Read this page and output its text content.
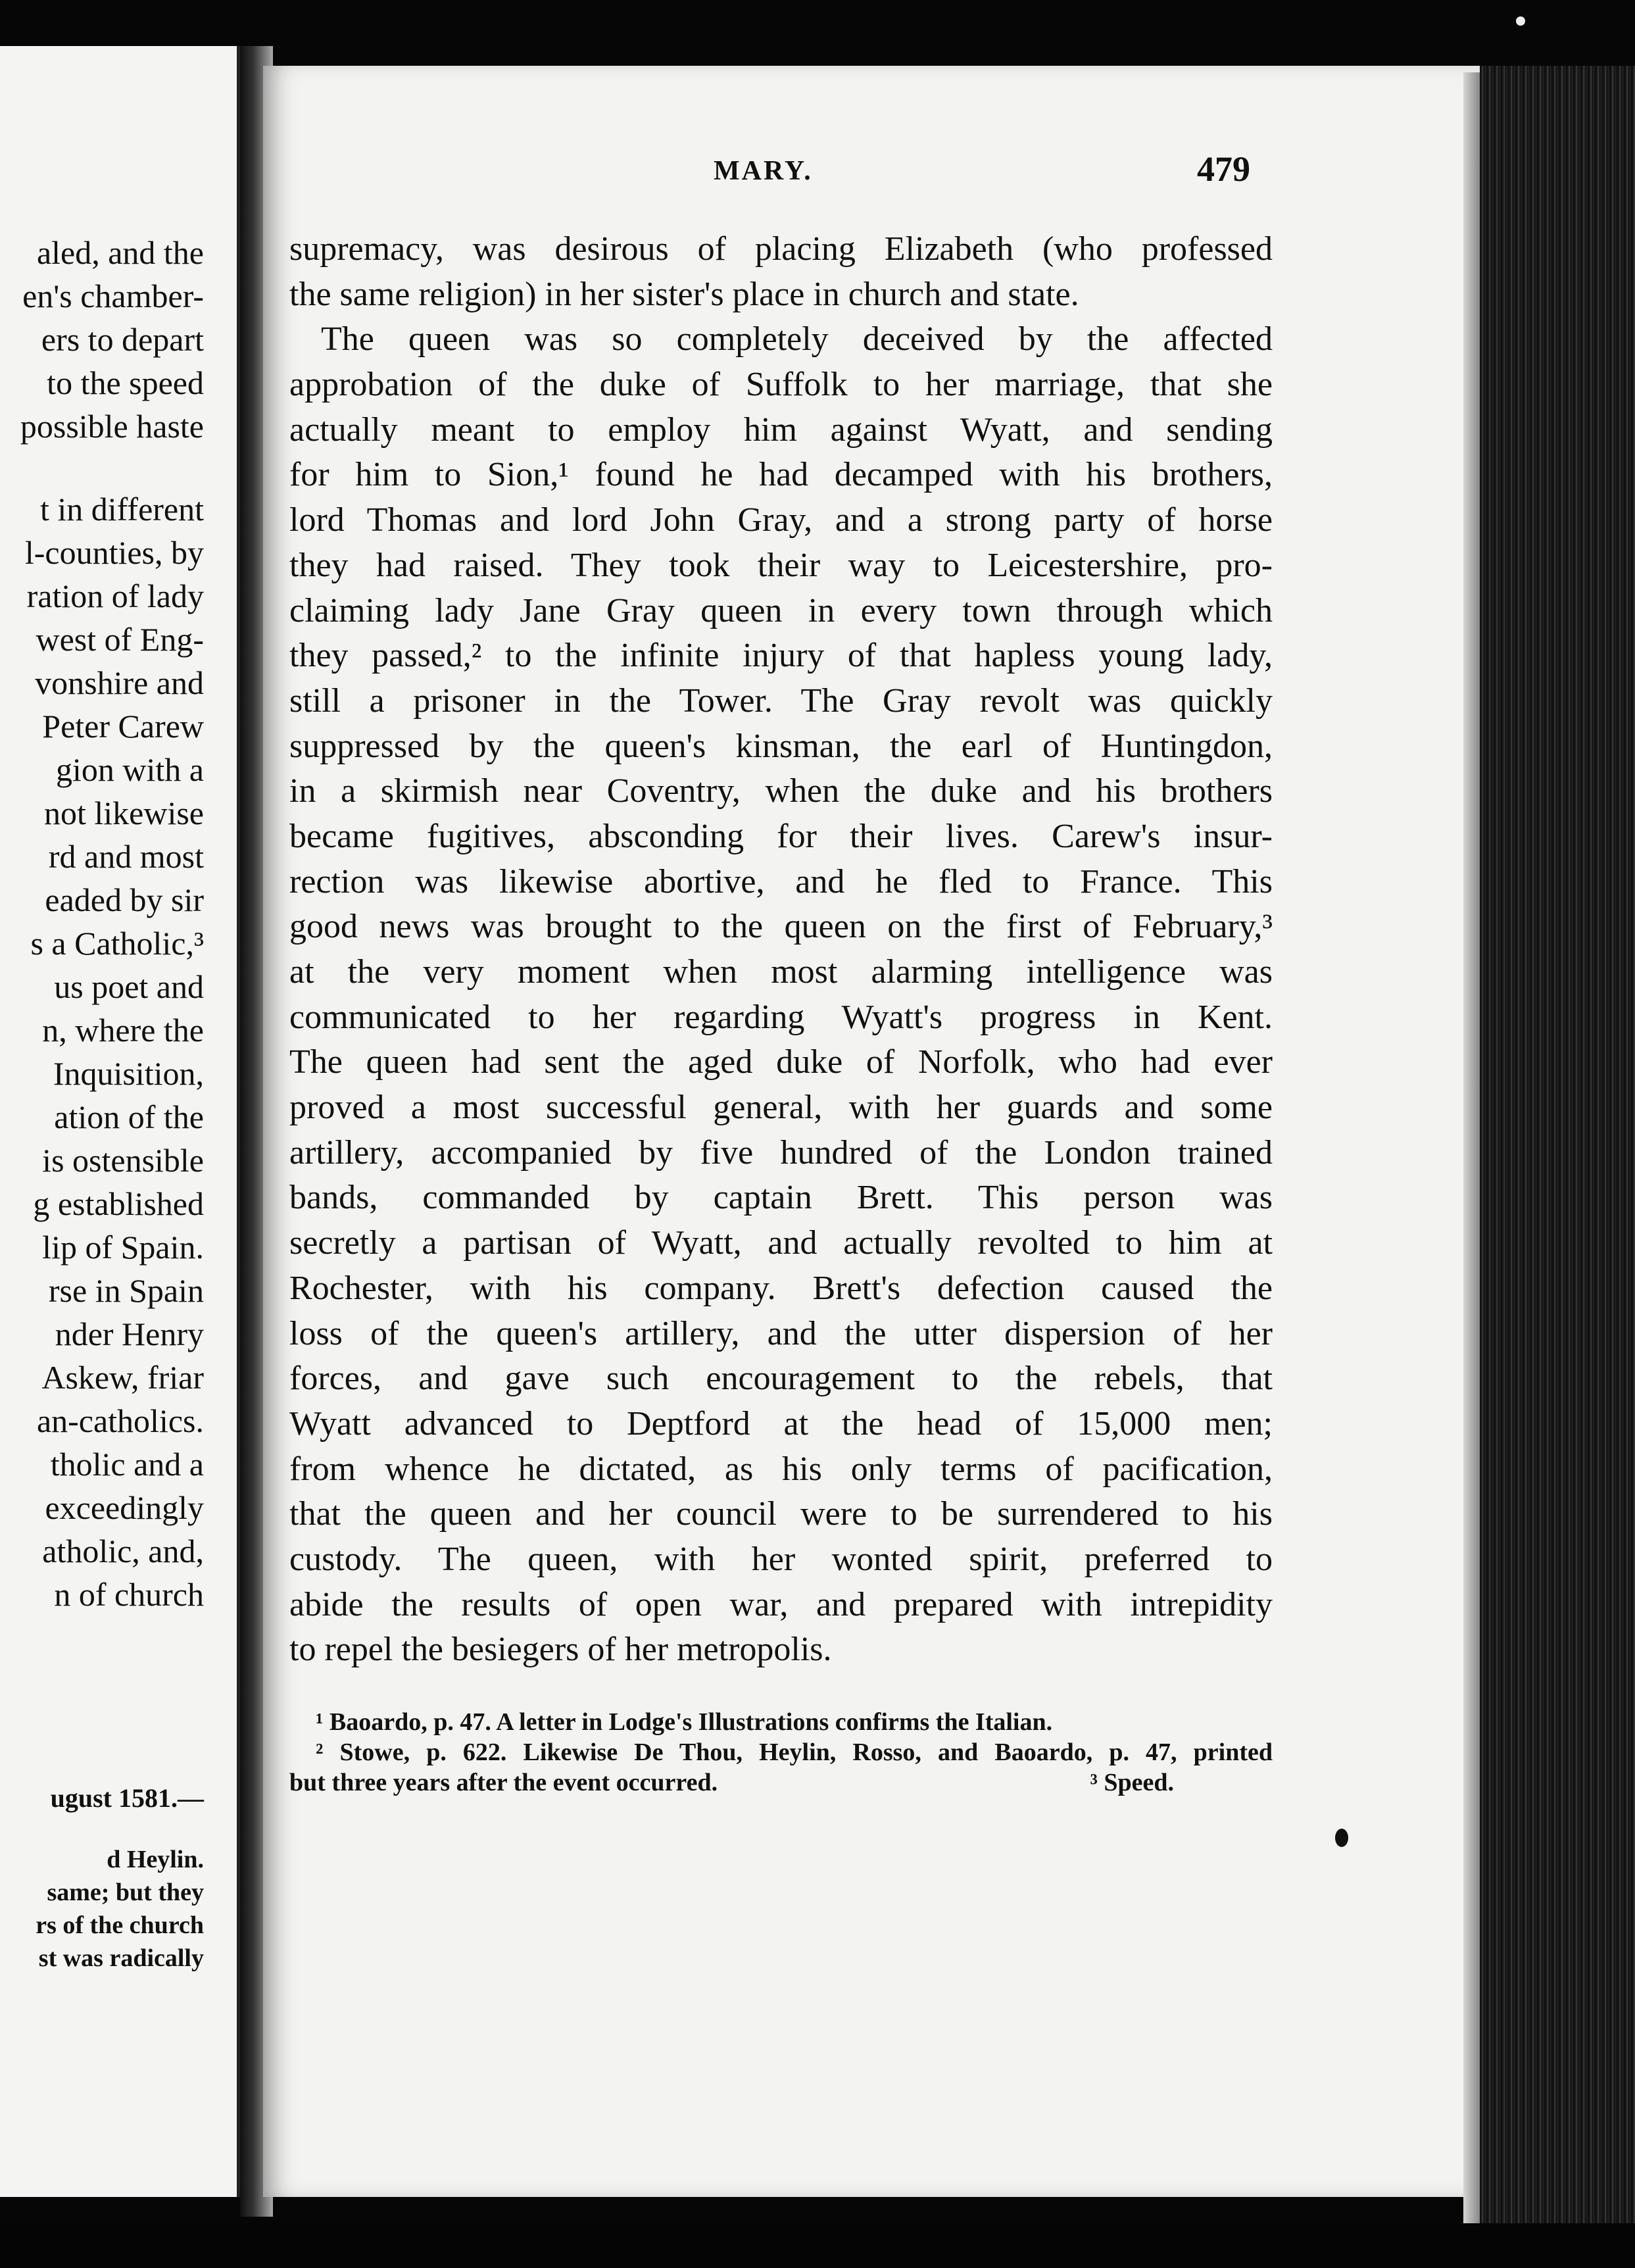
aled, and the
en's chamber-
ers to depart
to the speed
possible haste
t in different
l-counties, by
ration of lady
west of Eng-
vonshire and
Peter Carew
gion with a
not likewise
rd and most
eaded by sir
s a Catholic,³
us poet and
n, where the
Inquisition,
ation of the
is ostensible
g established
lip of Spain.
rse in Spain
nder Henry
Askew, friar
an-catholics.
tholic and a
exceedingly
atholic, and,
n of church
ugust 1581.—
d Heylin.
same; but they
rs of the church
st was radically
MARY.	479
supremacy, was desirous of placing Elizabeth (who professed
the same religion) in her sister's place in church and state.
The queen was so completely deceived by the affected
approbation of the duke of Suffolk to her marriage, that she
actually meant to employ him against Wyatt, and sending
for him to Sion,¹ found he had decamped with his brothers,
lord Thomas and lord John Gray, and a strong party of horse
they had raised. They took their way to Leicestershire, pro-
claiming lady Jane Gray queen in every town through which
they passed,² to the infinite injury of that hapless young lady,
still a prisoner in the Tower. The Gray revolt was quickly
suppressed by the queen's kinsman, the earl of Huntingdon,
in a skirmish near Coventry, when the duke and his brothers
became fugitives, absconding for their lives. Carew's insur-
rection was likewise abortive, and he fled to France. This
good news was brought to the queen on the first of February,³
at the very moment when most alarming intelligence was
communicated to her regarding Wyatt's progress in Kent.
The queen had sent the aged duke of Norfolk, who had ever
proved a most successful general, with her guards and some
artillery, accompanied by five hundred of the London trained
bands, commanded by captain Brett. This person was
secretly a partisan of Wyatt, and actually revolted to him at
Rochester, with his company. Brett's defection caused the
loss of the queen's artillery, and the utter dispersion of her
forces, and gave such encouragement to the rebels, that
Wyatt advanced to Deptford at the head of 15,000 men;
from whence he dictated, as his only terms of pacification,
that the queen and her council were to be surrendered to his
custody. The queen, with her wonted spirit, preferred to
abide the results of open war, and prepared with intrepidity
to repel the besiegers of her metropolis.
¹ Baoardo, p. 47. A letter in Lodge's Illustrations confirms the Italian.
² Stowe, p. 622. Likewise De Thou, Heylin, Rosso, and Baoardo, p. 47, printed
but three years after the event occurred.	³ Speed.
